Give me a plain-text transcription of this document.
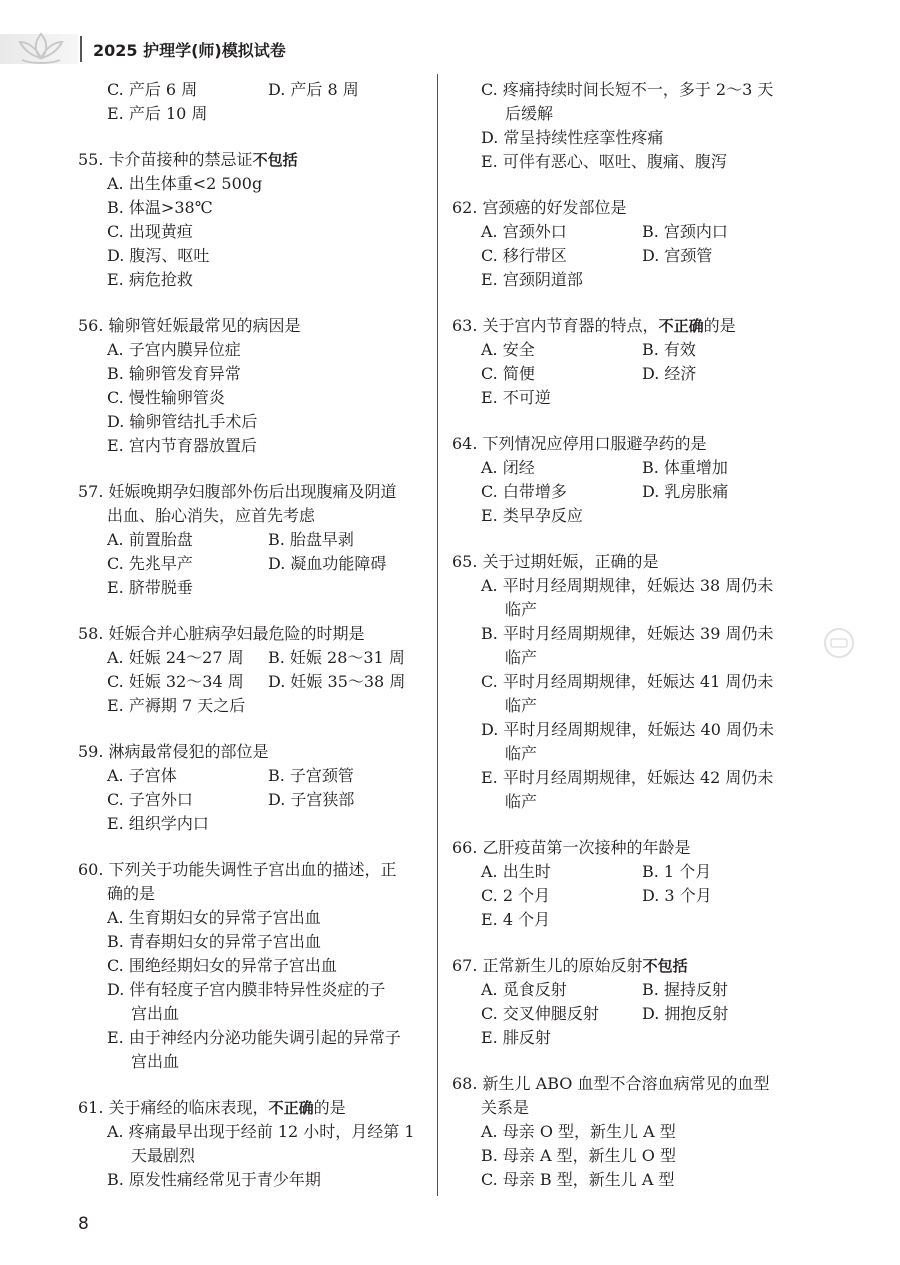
2025 护理学(师)模拟试卷
C. 产后 6 周	D. 产后 8 周
E. 产后 10 周
55. 卡介苗接种的禁忌证不包括
A. 出生体重<2 500g
B. 体温>38℃
C. 出现黄疸
D. 腹泻、呕吐
E. 病危抢救
56. 输卵管妊娠最常见的病因是
A. 子宫内膜异位症
B. 输卵管发育异常
C. 慢性输卵管炎
D. 输卵管结扎手术后
E. 宫内节育器放置后
57. 妊娠晚期孕妇腹部外伤后出现腹痛及阴道
出血、胎心消失，应首先考虑
A. 前置胎盘	B. 胎盘早剥
C. 先兆早产	D. 凝血功能障碍
E. 脐带脱垂
58. 妊娠合并心脏病孕妇最危险的时期是
A. 妊娠 24～27 周 B. 妊娠 28～31 周
C. 妊娠 32～34 周 D. 妊娠 35～38 周
E. 产褥期 7 天之后
59. 淋病最常侵犯的部位是
A. 子宫体	B. 子宫颈管
C. 子宫外口	D. 子宫狭部
E. 组织学内口
60. 下列关于功能失调性子宫出血的描述，正
确的是
A. 生育期妇女的异常子宫出血
B. 青春期妇女的异常子宫出血
C. 围绝经期妇女的异常子宫出血
D. 伴有轻度子宫内膜非特异性炎症的子
宫出血
E. 由于神经内分泌功能失调引起的异常子
宫出血
61. 关于痛经的临床表现，不正确的是
A. 疼痛最早出现于经前 12 小时，月经第 1
天最剧烈
B. 原发性痛经常见于青少年期
C. 疼痛持续时间长短不一，多于 2～3 天
后缓解
D. 常呈持续性痉挛性疼痛
E. 可伴有恶心、呕吐、腹痛、腹泻
62. 宫颈癌的好发部位是
A. 宫颈外口	B. 宫颈内口
C. 移行带区	D. 宫颈管
E. 宫颈阴道部
63. 关于宫内节育器的特点，不正确的是
A. 安全	B. 有效
C. 简便	D. 经济
E. 不可逆
64. 下列情况应停用口服避孕药的是
A. 闭经	B. 体重增加
C. 白带增多	D. 乳房胀痛
E. 类早孕反应
65. 关于过期妊娠，正确的是
A. 平时月经周期规律，妊娠达 38 周仍未
临产
B. 平时月经周期规律，妊娠达 39 周仍未
临产
C. 平时月经周期规律，妊娠达 41 周仍未
临产
D. 平时月经周期规律，妊娠达 40 周仍未
临产
E. 平时月经周期规律，妊娠达 42 周仍未
临产
66. 乙肝疫苗第一次接种的年龄是
A. 出生时	B. 1 个月
C. 2 个月	D. 3 个月
E. 4 个月
67. 正常新生儿的原始反射不包括
A. 觅食反射	B. 握持反射
C. 交叉伸腿反射	D. 拥抱反射
E. 腓反射
68. 新生儿 ABO 血型不合溶血病常见的血型
关系是
A. 母亲 O 型，新生儿 A 型
B. 母亲 A 型，新生儿 O 型
C. 母亲 B 型，新生儿 A 型
8
